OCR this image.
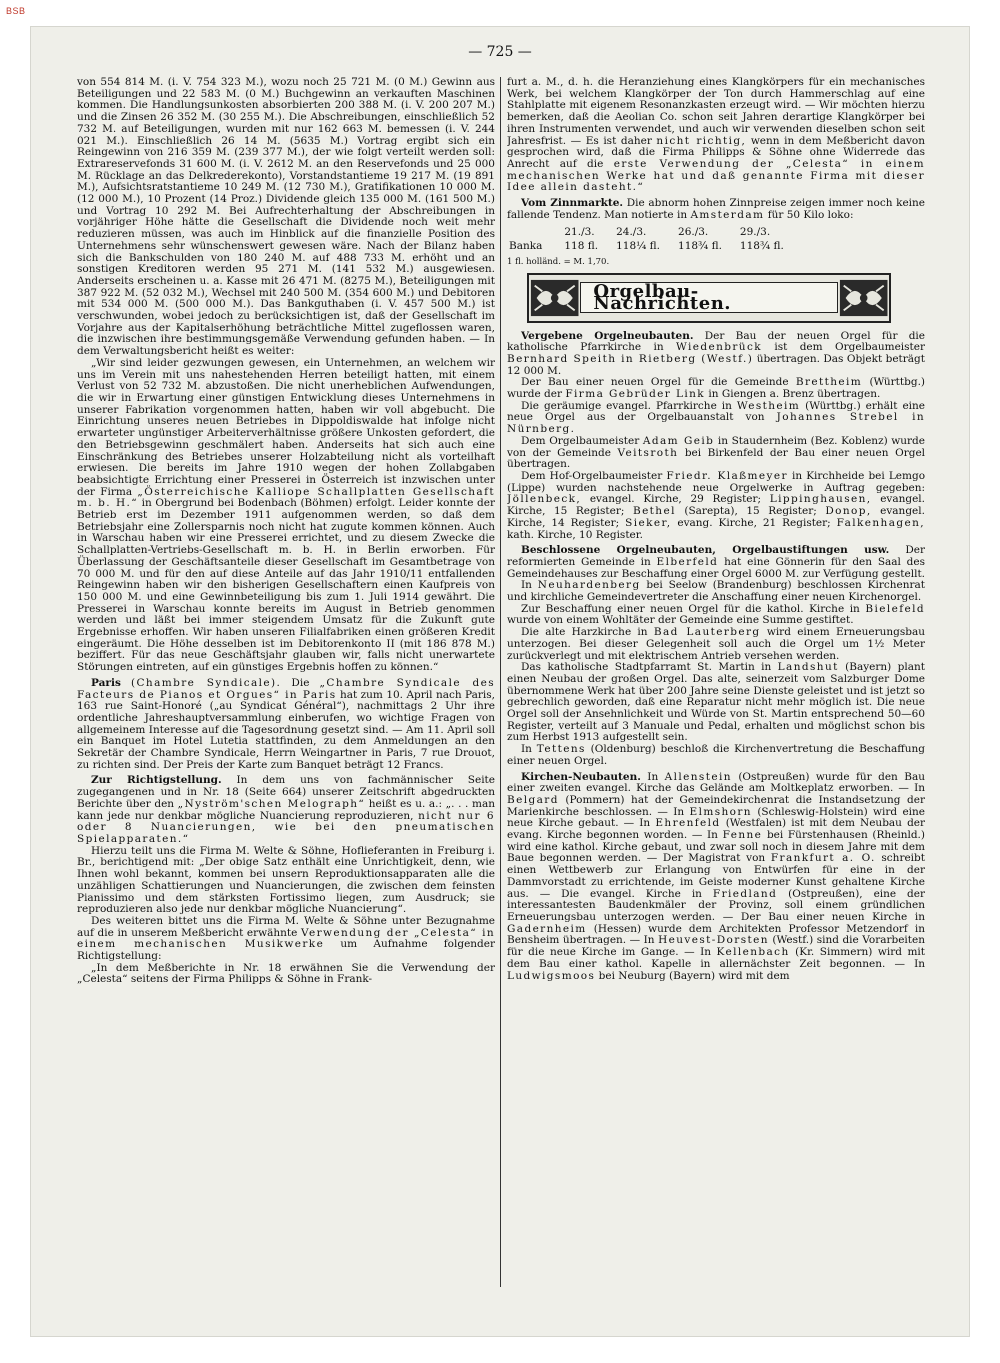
BSB
— 725 —

von 554 814 M. (i. V. 754 323 M.), wozu noch 25 721 M. (0 M.) Gewinn aus Beteiligungen und 22 583 M. (0 M.) Buchgewinn an verkauften Maschinen kommen. Die Handlungsunkosten absorbierten 200 388 M. (i. V. 200 207 M.) und die Zinsen 26 352 M. (30 255 M.). Die Abschreibungen, einschließlich 52 732 M. auf Beteiligungen, wurden mit nur 162 663 M. bemessen (i. V. 244 021 M.). Einschließlich 26 14 M. (5635 M.) Vortrag ergibt sich ein Reingewinn von 216 359 M. (239 377 M.), der wie folgt verteilt werden soll: Extrareservefonds 31 600 M. (i. V. 2612 M. an den Reservefonds und 25 000 M. Rücklage an das Delkrederekonto), Vorstandstantieme 19 217 M. (19 891 M.), Aufsichtsratstantieme 10 249 M. (12 730 M.), Gratifikationen 10 000 M. (12 000 M.), 10 Prozent (14 Proz.) Dividende gleich 135 000 M. (161 500 M.) und Vortrag 10 292 M. Bei Aufrechterhaltung der Abschreibungen in vorjähriger Höhe hätte die Gesellschaft die Dividende noch weit mehr reduzieren müssen, was auch im Hinblick auf die finanzielle Position des Unternehmens sehr wünschenswert gewesen wäre. Nach der Bilanz haben sich die Bankschulden von 180 240 M. auf 488 733 M. erhöht und an sonstigen Kreditoren werden 95 271 M. (141 532 M.) ausgewiesen. Anderseits erscheinen u. a. Kasse mit 26 471 M. (8275 M.), Beteiligungen mit 387 922 M. (52 032 M.), Wechsel mit 240 500 M. (354 600 M.) und Debitoren mit 534 000 M. (500 000 M.). Das Bankguthaben (i. V. 457 500 M.) ist verschwunden, wobei jedoch zu berücksichtigen ist, daß der Gesellschaft im Vorjahre aus der Kapitalserhöhung beträchtliche Mittel zugeflossen waren, die inzwischen ihre bestimmungsgemäße Verwendung gefunden haben. — In dem Verwaltungsbericht heißt es weiter:

„Wir sind leider gezwungen gewesen, ein Unternehmen, an welchem wir uns im Verein mit uns nahestehenden Herren beteiligt hatten, mit einem Verlust von 52 732 M. abzustoßen. Die nicht unerheblichen Aufwendungen, die wir in Erwartung einer günstigen Entwicklung dieses Unternehmens in unserer Fabrikation vorgenommen hatten, haben wir voll abgebucht. Die Einrichtung unseres neuen Betriebes in Dippoldiswalde hat infolge nicht erwarteter ungünstiger Arbeiterverhältnisse größere Unkosten gefordert, die den Betriebsgewinn geschmälert haben. Anderseits hat sich auch eine Einschränkung des Betriebes unserer Holzabteilung nicht als vorteilhaft erwiesen. Die bereits im Jahre 1910 wegen der hohen Zollabgaben beabsichtigte Errichtung einer Presserei in Österreich ist inzwischen unter der Firma „Österreichische Kalliope Schallplatten Gesellschaft m. b. H.“ in Obergrund bei Bodenbach (Böhmen) erfolgt. Leider konnte der Betrieb erst im Dezember 1911 aufgenommen werden, so daß dem Betriebsjahr eine Zollersparnis noch nicht hat zugute kommen können. Auch in Warschau haben wir eine Presserei errichtet, und zu diesem Zwecke die Schallplatten-Vertriebs-Gesellschaft m. b. H. in Berlin erworben. Für Überlassung der Geschäftsanteile dieser Gesellschaft im Gesamtbetrage von 70 000 M. und für den auf diese Anteile auf das Jahr 1910/11 entfallenden Reingewinn haben wir den bisherigen Gesellschaftern einen Kaufpreis von 150 000 M. und eine Gewinnbeteiligung bis zum 1. Juli 1914 gewährt. Die Presserei in Warschau konnte bereits im August in Betrieb genommen werden und läßt bei immer steigendem Umsatz für die Zukunft gute Ergebnisse erhoffen. Wir haben unseren Filialfabriken einen größeren Kredit eingeräumt. Die Höhe desselben ist im Debitorenkonto II (mit 186 878 M.) beziffert. Für das neue Geschäftsjahr glauben wir, falls nicht unerwartete Störungen eintreten, auf ein günstiges Ergebnis hoffen zu können.“

Paris (Chambre Syndicale). Die „Chambre Syndicale des Facteurs de Pianos et Orgues“ in Paris hat zum 10. April nach Paris, 163 rue Saint-Honoré („au Syndicat Général“), nachmittags 2 Uhr ihre ordentliche Jahreshauptversammlung einberufen, wo wichtige Fragen von allgemeinem Interesse auf die Tagesordnung gesetzt sind. — Am 11. April soll ein Banquet im Hotel Lutetia stattfinden, zu dem Anmeldungen an den Sekretär der Chambre Syndicale, Herrn Weingartner in Paris, 7 rue Drouot, zu richten sind. Der Preis der Karte zum Banquet beträgt 12 Francs.

Zur Richtigstellung. In dem uns von fachmännischer Seite zugegangenen und in Nr. 18 (Seite 664) unserer Zeitschrift abgedruckten Berichte über den „Nyström'schen Melograph“ heißt es u. a.: „. . . man kann jede nur denkbar mögliche Nuancierung reproduzieren, nicht nur 6 oder 8 Nuancierungen, wie bei den pneumatischen Spielapparaten.“

Hierzu teilt uns die Firma M. Welte & Söhne, Hoflieferanten in Freiburg i. Br., berichtigend mit: „Der obige Satz enthält eine Unrichtigkeit, denn, wie Ihnen wohl bekannt, kommen bei unsern Reproduktionsapparaten alle die unzähligen Schattierungen und Nuancierungen, die zwischen dem feinsten Pianissimo und dem stärksten Fortissimo liegen, zum Ausdruck; sie reproduzieren also jede nur denkbar mögliche Nuancierung“.

Des weiteren bittet uns die Firma M. Welte & Söhne unter Bezugnahme auf die in unserem Meßbericht erwähnte Verwendung der „Celesta“ in einem mechanischen Musikwerke um Aufnahme folgender Richtigstellung:

„In dem Meßberichte in Nr. 18 erwähnen Sie die Verwendung der „Celesta“ seitens der Firma Philipps & Söhne in Frank-

furt a. M., d. h. die Heranziehung eines Klangkörpers für ein mechanisches Werk, bei welchem Klangkörper der Ton durch Hammerschlag auf eine Stahlplatte mit eigenem Resonanzkasten erzeugt wird. — Wir möchten hierzu bemerken, daß die Aeolian Co. schon seit Jahren derartige Klangkörper bei ihren Instrumenten verwendet, und auch wir verwenden dieselben schon seit Jahresfrist. — Es ist daher nicht richtig, wenn in dem Meßbericht davon gesprochen wird, daß die Firma Philipps & Söhne ohne Widerrede das Anrecht auf die erste Verwendung der „Celesta“ in einem mechanischen Werke hat und daß genannte Firma mit dieser Idee allein dasteht.“

Vom Zinnmarkte. Die abnorm hohen Zinnpreise zeigen immer noch keine fallende Tendenz. Man notierte in Amsterdam für 50 Kilo loko:

	21./3.	24./3.	26./3.	29./3.
Banka	118 fl.	118¼ fl.	118¾ fl.	118¾ fl.

1 fl. holländ. = M. 1,70.

Orgelbau-Nachrichten.

Vergebene Orgelneubauten. Der Bau der neuen Orgel für die katholische Pfarrkirche in Wiedenbrück ist dem Orgelbaumeister Bernhard Speith in Rietberg (Westf.) übertragen. Das Objekt beträgt 12 000 M.

Der Bau einer neuen Orgel für die Gemeinde Brettheim (Württbg.) wurde der Firma Gebrüder Link in Giengen a. Brenz übertragen.

Die geräumige evangel. Pfarrkirche in Westheim (Württbg.) erhält eine neue Orgel aus der Orgelbauanstalt von Johannes Strebel in Nürnberg.

Dem Orgelbaumeister Adam Geib in Staudernheim (Bez. Koblenz) wurde von der Gemeinde Veitsroth bei Birkenfeld der Bau einer neuen Orgel übertragen.

Dem Hof-Orgelbaumeister Friedr. Klaßmeyer in Kirchheide bei Lemgo (Lippe) wurden nachstehende neue Orgelwerke in Auftrag gegeben: Jöllenbeck, evangel. Kirche, 29 Register; Lippinghausen, evangel. Kirche, 15 Register; Bethel (Sarepta), 15 Register; Donop, evangel. Kirche, 14 Register; Sieker, evang. Kirche, 21 Register; Falkenhagen, kath. Kirche, 10 Register.

Beschlossene Orgelneubauten, Orgelbaustiftungen usw. Der reformierten Gemeinde in Elberfeld hat eine Gönnerin für den Saal des Gemeindehauses zur Beschaffung einer Orgel 6000 M. zur Verfügung gestellt.

In Neuhardenberg bei Seelow (Brandenburg) beschlossen Kirchenrat und kirchliche Gemeindevertreter die Anschaffung einer neuen Kirchenorgel.

Zur Beschaffung einer neuen Orgel für die kathol. Kirche in Bielefeld wurde von einem Wohltäter der Gemeinde eine Summe gestiftet.

Die alte Harzkirche in Bad Lauterberg wird einem Erneuerungsbau unterzogen. Bei dieser Gelegenheit soll auch die Orgel um 1½ Meter zurückverlegt und mit elektrischem Antrieb versehen werden.

Das katholische Stadtpfarramt St. Martin in Landshut (Bayern) plant einen Neubau der großen Orgel. Das alte, seinerzeit vom Salzburger Dome übernommene Werk hat über 200 Jahre seine Dienste geleistet und ist jetzt so gebrechlich geworden, daß eine Reparatur nicht mehr möglich ist. Die neue Orgel soll der Ansehnlichkeit und Würde von St. Martin entsprechend 50—60 Register, verteilt auf 3 Manuale und Pedal, erhalten und möglichst schon bis zum Herbst 1913 aufgestellt sein.

In Tettens (Oldenburg) beschloß die Kirchenvertretung die Beschaffung einer neuen Orgel.

Kirchen-Neubauten. In Allenstein (Ostpreußen) wurde für den Bau einer zweiten evangel. Kirche das Gelände am Moltkeplatz erworben. — In Belgard (Pommern) hat der Gemeindekirchenrat die Instandsetzung der Marienkirche beschlossen. — In Elmshorn (Schleswig-Holstein) wird eine neue Kirche gebaut. — In Ehrenfeld (Westfalen) ist mit dem Neubau der evang. Kirche begonnen worden. — In Fenne bei Fürstenhausen (Rheinld.) wird eine kathol. Kirche gebaut, und zwar soll noch in diesem Jahre mit dem Baue begonnen werden. — Der Magistrat von Frankfurt a. O. schreibt einen Wettbewerb zur Erlangung von Entwürfen für eine in der Dammvorstadt zu errichtende, im Geiste moderner Kunst gehaltene Kirche aus. — Die evangel. Kirche in Friedland (Ostpreußen), eine der interessantesten Baudenkmäler der Provinz, soll einem gründlichen Erneuerungsbau unterzogen werden. — Der Bau einer neuen Kirche in Gadernheim (Hessen) wurde dem Architekten Professor Metzendorf in Bensheim übertragen. — In Heuvest-Dorsten (Westf.) sind die Vorarbeiten für die neue Kirche im Gange. — In Kellenbach (Kr. Simmern) wird mit dem Bau einer kathol. Kapelle in allernächster Zeit begonnen. — In Ludwigsmoos bei Neuburg (Bayern) wird mit dem
